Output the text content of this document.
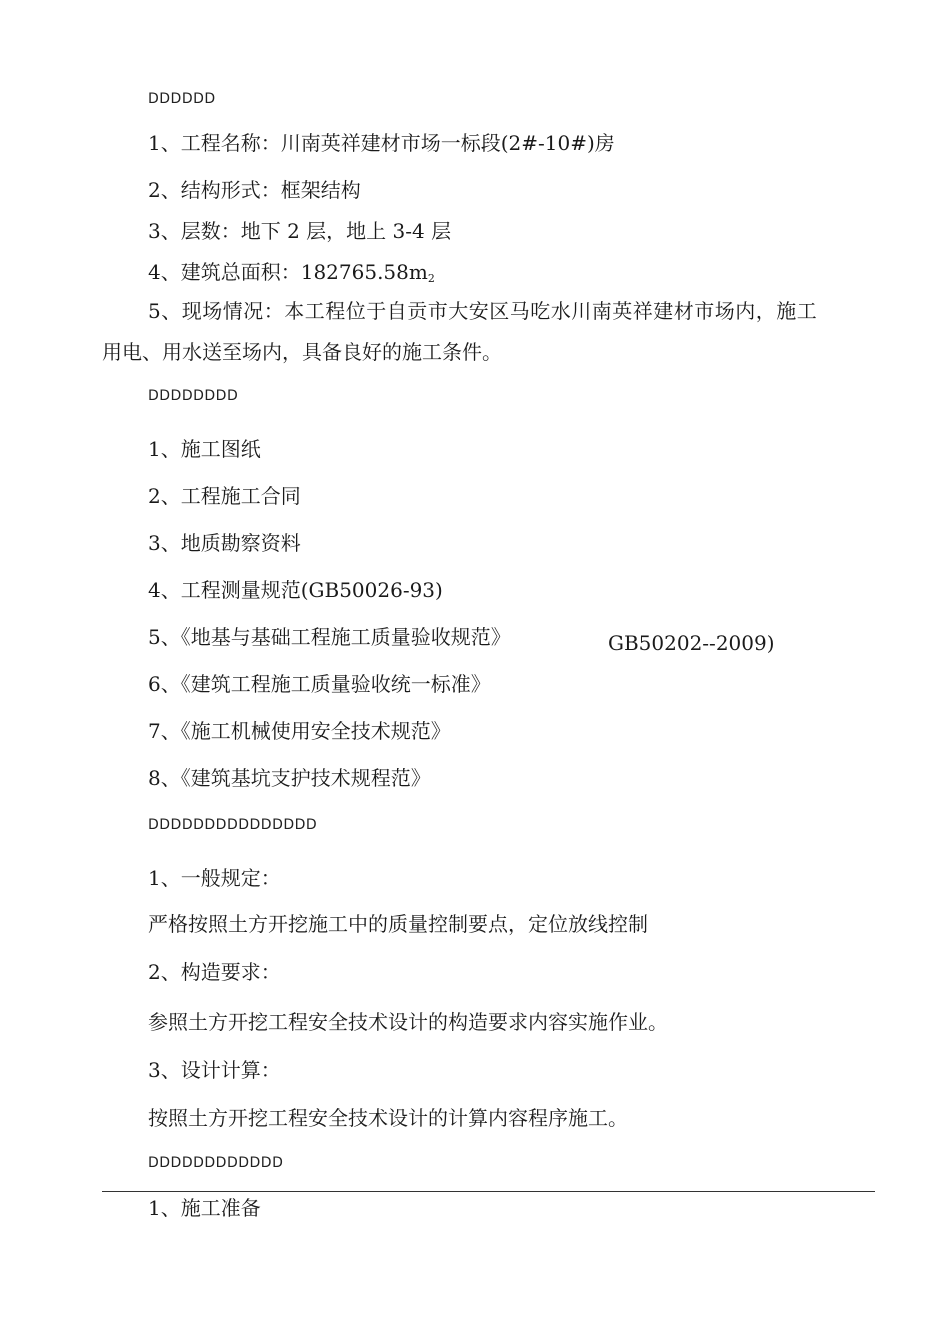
DDDDDD
1、工程名称：川南英祥建材市场一标段(2#-10#)房
2、结构形式：框架结构
3、层数：地下 2 层，地上 3-4 层
4、建筑总面积：$182765.58m_2$
5、现场情况：本工程位于自贡市大安区马吃水川南英祥建材市场内，施工
用电、用水送至场内，具备良好的施工条件。
DDDDDDDD
1、施工图纸
2、工程施工合同
3、地质勘察资料
4、工程测量规范(GB50026-93)
5、《地基与基础工程施工质量验收规范》	GB50202--2009)
6、《建筑工程施工质量验收统一标准》
7、《施工机械使用安全技术规范》
8、《建筑基坑支护技术规程范》
DDDDDDDDDDDDDDD
1、一般规定：
严格按照土方开挖施工中的质量控制要点，定位放线控制
2、构造要求：
参照土方开挖工程安全技术设计的构造要求内容实施作业。
3、设计计算：
按照土方开挖工程安全技术设计的计算内容程序施工。
DDDDDDDDDDDD
1、施工准备
